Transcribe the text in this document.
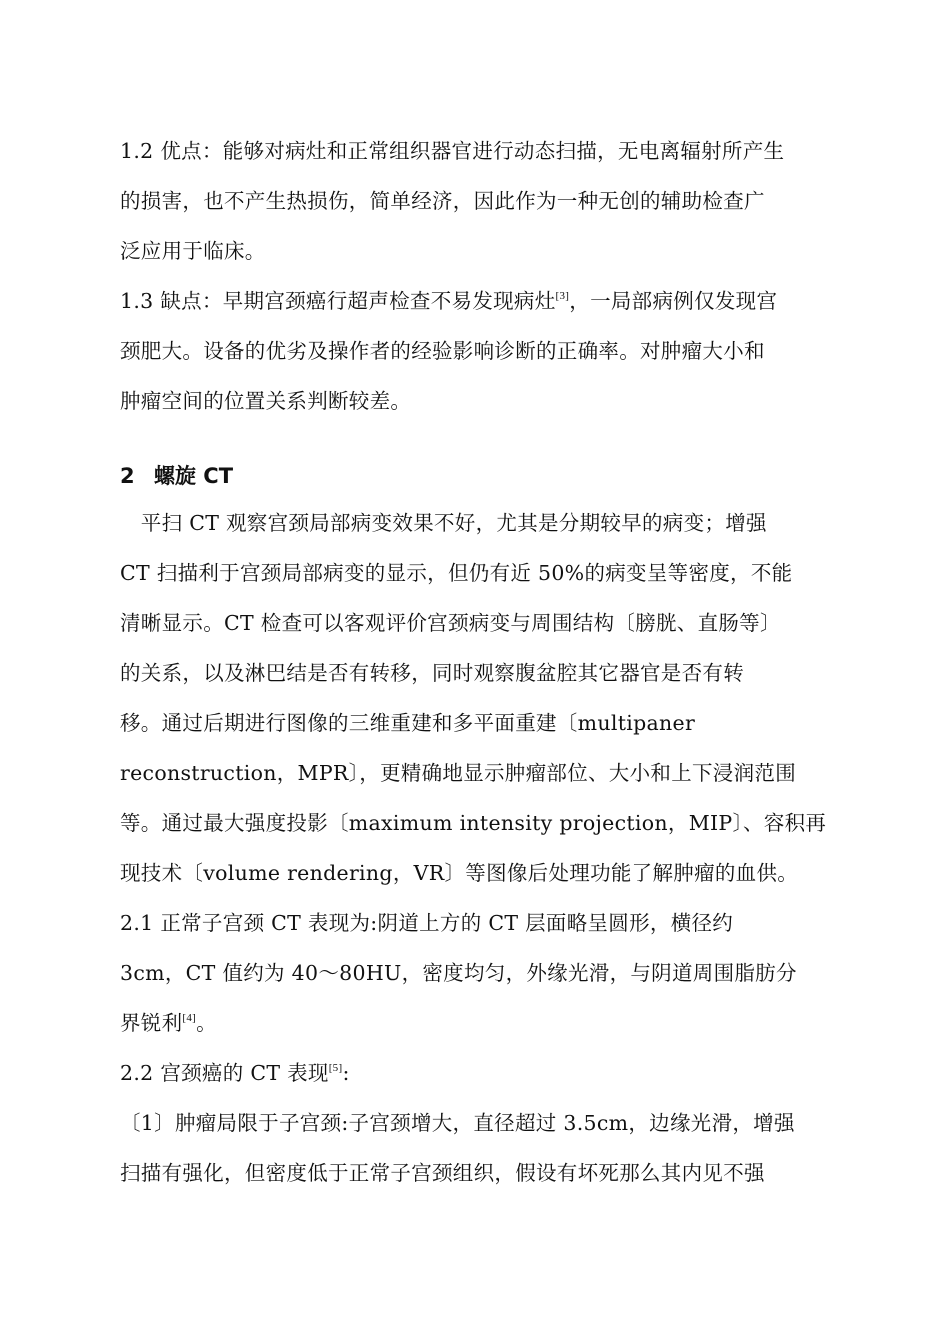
1.2 优点：能够对病灶和正常组织器官进行动态扫描，无电离辐射所产生
的损害，也不产生热损伤，简单经济，因此作为一种无创的辅助检查广
泛应用于临床。
1.3 缺点：早期宫颈癌行超声检查不易发现病灶[3]，一局部病例仅发现宫
颈肥大。设备的优劣及操作者的经验影响诊断的正确率。对肿瘤大小和
肿瘤空间的位置关系判断较差。
2 螺旋 CT
　平扫 CT 观察宫颈局部病变效果不好，尤其是分期较早的病变；增强
CT 扫描利于宫颈局部病变的显示，但仍有近 50%的病变呈等密度，不能
清晰显示。CT 检查可以客观评价宫颈病变与周围结构〔膀胱、直肠等〕
的关系，以及淋巴结是否有转移，同时观察腹盆腔其它器官是否有转
移。通过后期进行图像的三维重建和多平面重建〔multipaner
reconstruction，MPR〕，更精确地显示肿瘤部位、大小和上下浸润范围
等。通过最大强度投影〔maximum intensity projection，MIP〕、容积再
现技术〔volume rendering，VR〕等图像后处理功能了解肿瘤的血供。
2.1 正常子宫颈 CT 表现为:阴道上方的 CT 层面略呈圆形，横径约
3cm，CT 值约为 40～80HU，密度均匀，外缘光滑，与阴道周围脂肪分
界锐利[4]。
2.2 宫颈癌的 CT 表现[5]:
〔1〕肿瘤局限于子宫颈:子宫颈增大，直径超过 3.5cm，边缘光滑，增强
扫描有强化，但密度低于正常子宫颈组织，假设有坏死那么其内见不强
